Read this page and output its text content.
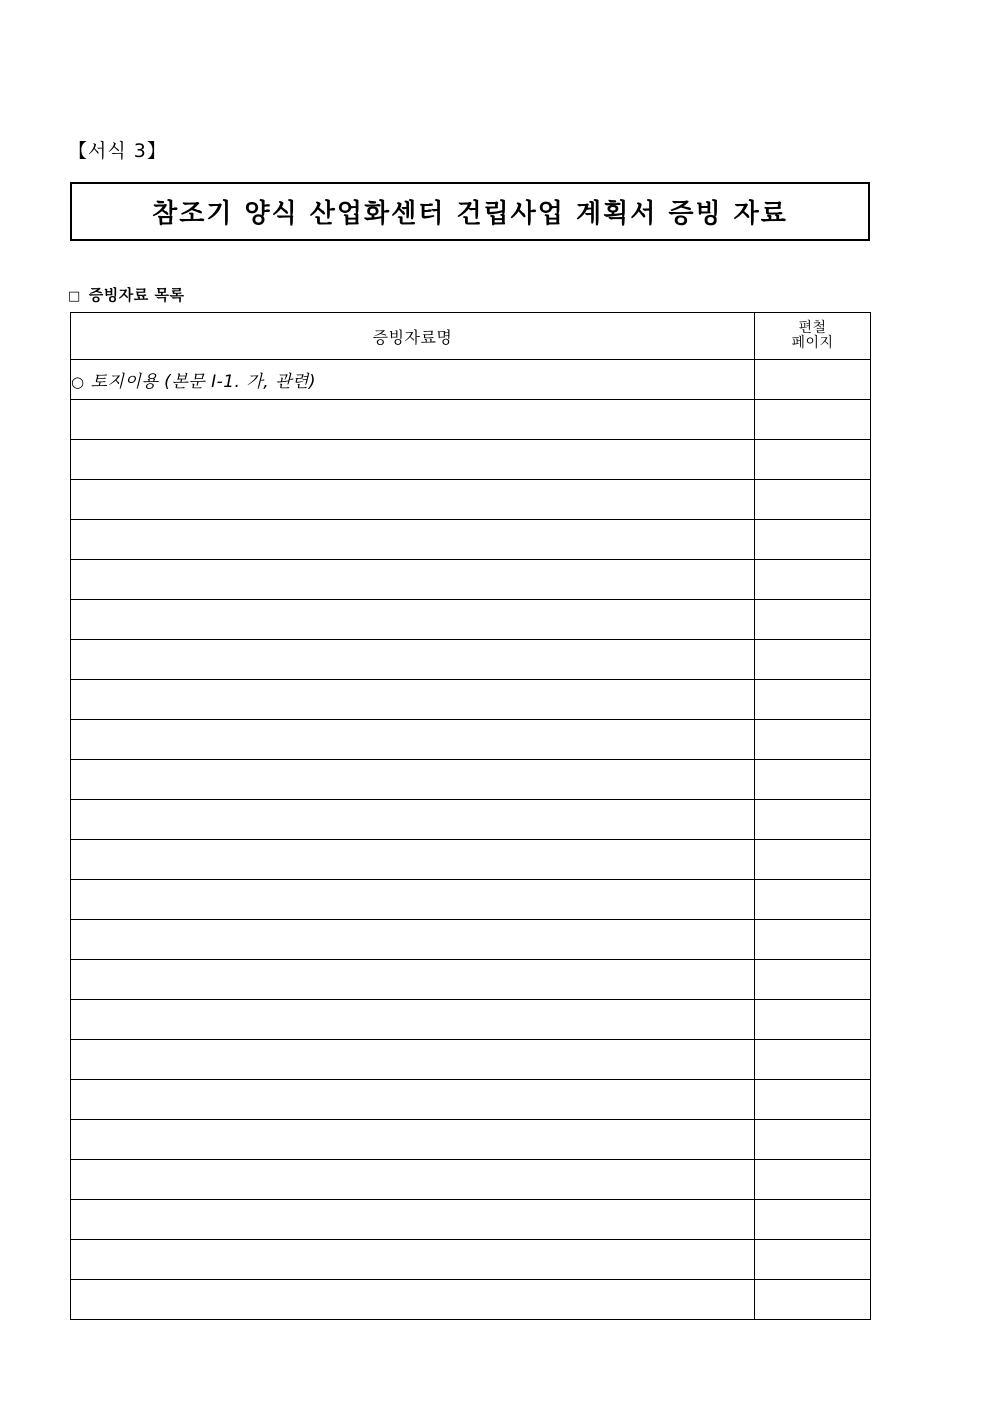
【서식 3】
참조기 양식 산업화센터 건립사업 계획서 증빙 자료
□ 증빙자료 목록
증빙자료명	편철
페이지

○ 토지이용 (본문 Ⅰ-1. 가, 관련)	
